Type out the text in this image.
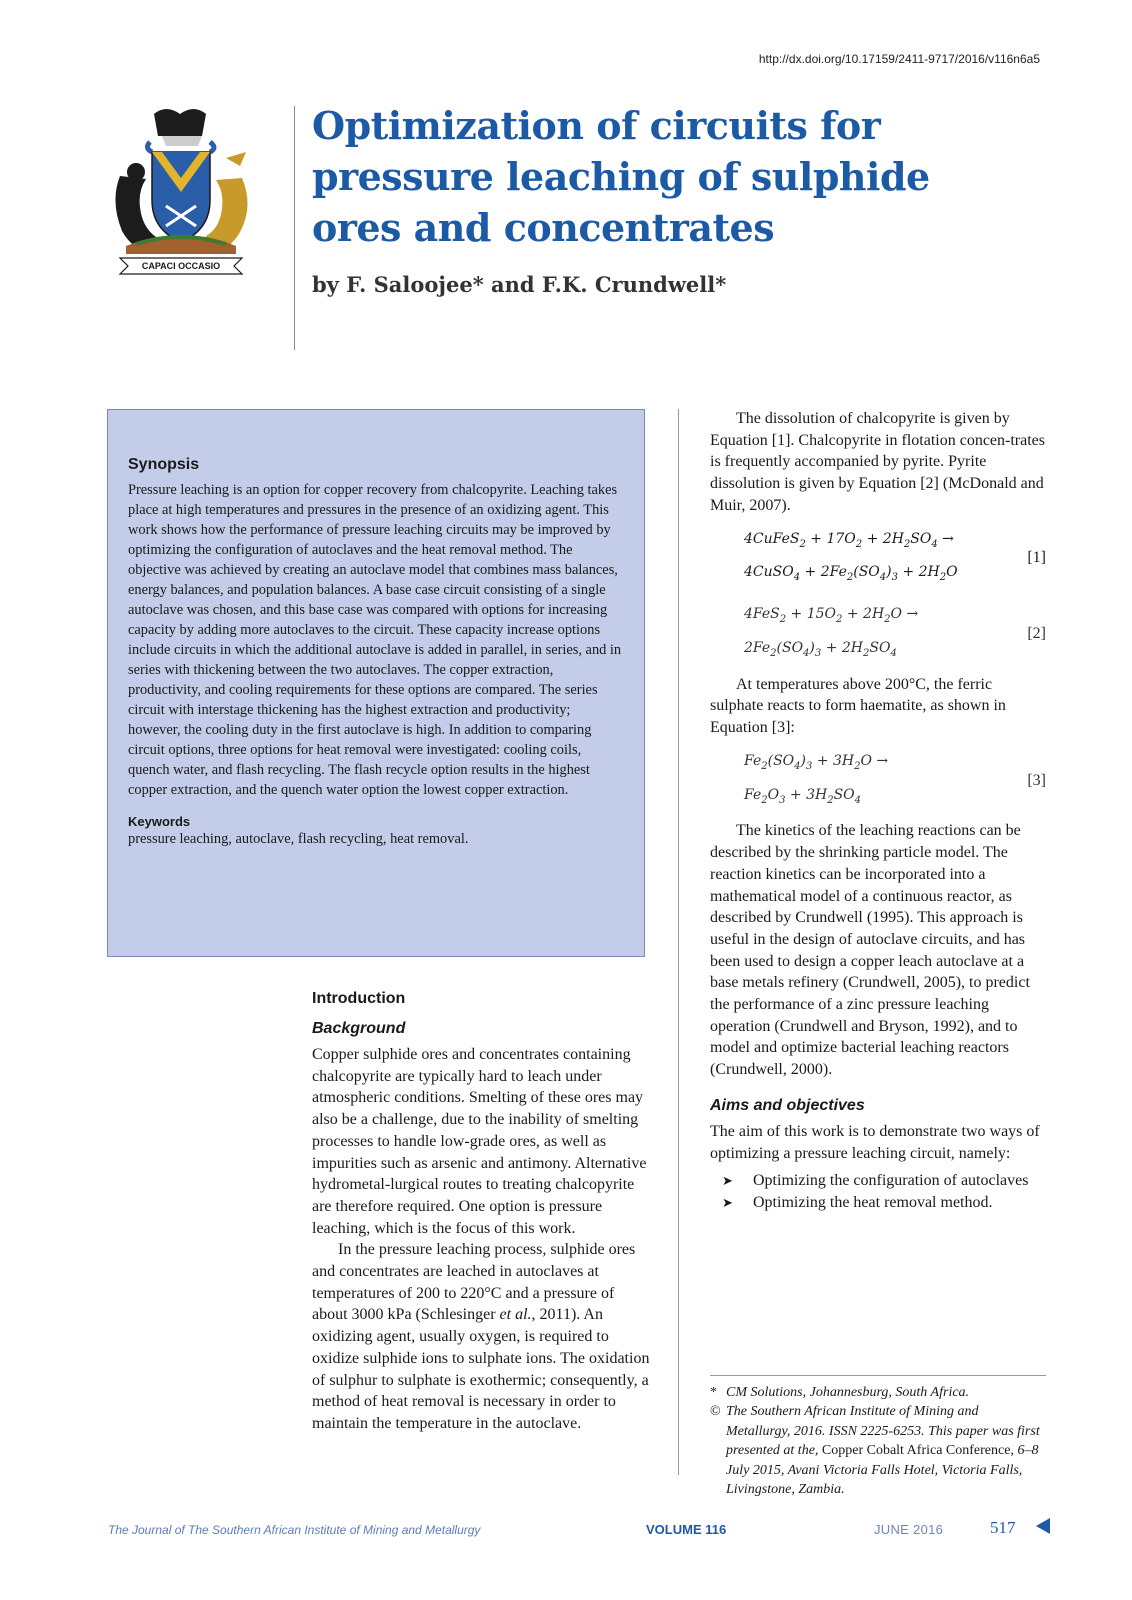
http://dx.doi.org/10.17159/2411-9717/2016/v116n6a5
CAPACI OCCASIO
Optimization of circuits for pressure leaching of sulphide ores and concentrates
by F. Saloojee* and F.K. Crundwell*
Synopsis

Pressure leaching is an option for copper recovery from chalcopyrite. Leaching takes place at high temperatures and pressures in the presence of an oxidizing agent. This work shows how the performance of pressure leaching circuits may be improved by optimizing the configuration of autoclaves and the heat removal method. The objective was achieved by creating an autoclave model that combines mass balances, energy balances, and population balances. A base case circuit consisting of a single autoclave was chosen, and this base case was compared with options for increasing capacity by adding more autoclaves to the circuit. These capacity increase options include circuits in which the additional autoclave is added in parallel, in series, and in series with thickening between the two autoclaves. The copper extraction, productivity, and cooling requirements for these options are compared. The series circuit with interstage thickening has the highest extraction and productivity; however, the cooling duty in the first autoclave is high. In addition to comparing circuit options, three options for heat removal were investigated: cooling coils, quench water, and flash recycling. The flash recycle option results in the highest copper extraction, and the quench water option the lowest copper extraction.

Keywords

pressure leaching, autoclave, flash recycling, heat removal.

Introduction
Background

Copper sulphide ores and concentrates containing chalcopyrite are typically hard to leach under atmospheric conditions. Smelting of these ores may also be a challenge, due to the inability of smelting processes to handle low-grade ores, as well as impurities such as arsenic and antimony. Alternative hydrometal-lurgical routes to treating chalcopyrite are therefore required. One option is pressure leaching, which is the focus of this work.

In the pressure leaching process, sulphide ores and concentrates are leached in autoclaves at temperatures of 200 to 220°C and a pressure of about 3000 kPa (Schlesinger et al., 2011). An oxidizing agent, usually oxygen, is required to oxidize sulphide ions to sulphate ions. The oxidation of sulphur to sulphate is exothermic; consequently, a method of heat removal is necessary in order to maintain the temperature in the autoclave.

The dissolution of chalcopyrite is given by Equation [1]. Chalcopyrite in flotation concen-trates is frequently accompanied by pyrite. Pyrite dissolution is given by Equation [2] (McDonald and Muir, 2007).

4CuFeS$_2$ + $17O_2 + 2H_2SO_4$ →
4CuSO$_4$ + $2Fe_2(SO_4)_3 + 2H_2O$
[1]
$4FeS_2 + 15O_2 + 2H_2O$ →
$2Fe_2(SO_4)_3 + 2H_2SO_4$
[2]

At temperatures above 200°C, the ferric sulphate reacts to form haematite, as shown in Equation [3]:

$Fe_2(SO_4)_3 + 3H_2O$ →
$Fe_2O_3 + 3H_2SO_4$
[3]

The kinetics of the leaching reactions can be described by the shrinking particle model. The reaction kinetics can be incorporated into a mathematical model of a continuous reactor, as described by Crundwell (1995). This approach is useful in the design of autoclave circuits, and has been used to design a copper leach autoclave at a base metals refinery (Crundwell, 2005), to predict the performance of a zinc pressure leaching operation (Crundwell and Bryson, 1992), and to model and optimize bacterial leaching reactors (Crundwell, 2000).

Aims and objectives

The aim of this work is to demonstrate two ways of optimizing a pressure leaching circuit, namely:

➤ Optimizing the configuration of autoclaves
➤ Optimizing the heat removal method.
* CM Solutions, Johannesburg, South Africa.
© The Southern African Institute of Mining and Metallurgy, 2016. ISSN 2225-6253. This paper was first presented at the, Copper Cobalt Africa Conference, 6–8 July 2015, Avani Victoria Falls Hotel, Victoria Falls, Livingstone, Zambia.
The Journal of The Southern African Institute of Mining and Metallurgy	VOLUME 116	JUNE 2016	517
